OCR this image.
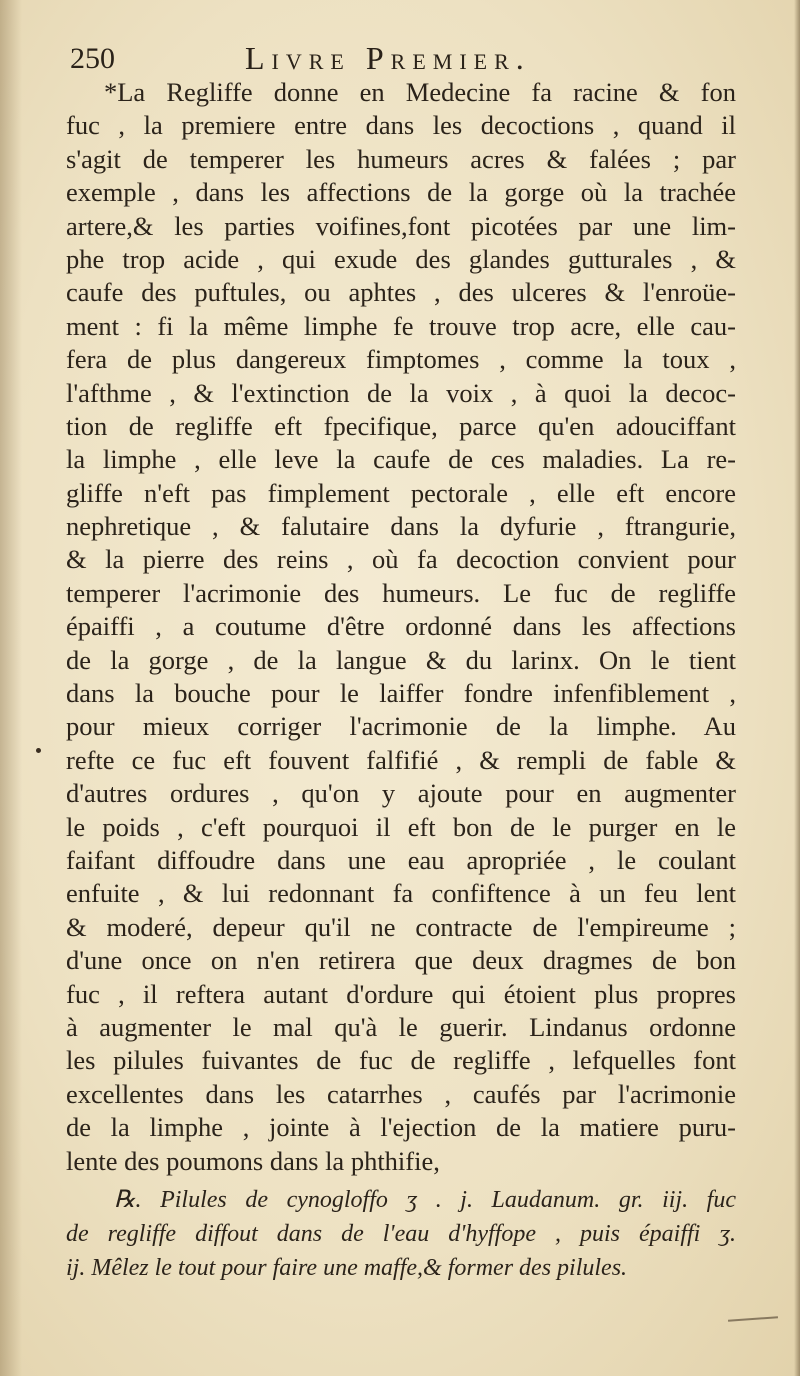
250	Livre Premier.
*La Regliffe donne en Medecine fa racine & fon
fuc , la premiere entre dans les decoctions , quand il
s'agit de temperer les humeurs acres & falées ; par
exemple , dans les affections de la gorge où la trachée
artere,& les parties voifines,font picotées par une lim-
phe trop acide , qui exude des glandes gutturales , &
caufe des puftules, ou aphtes , des ulceres & l'enroüe-
ment : fi la même limphe fe trouve trop acre, elle cau-
fera de plus dangereux fimptomes , comme la toux ,
l'afthme , & l'extinction de la voix , à quoi la decoc-
tion de regliffe eft fpecifique, parce qu'en adouciffant
la limphe , elle leve la caufe de ces maladies. La re-
gliffe n'eft pas fimplement pectorale , elle eft encore
nephretique , & falutaire dans la dyfurie , ftrangurie,
& la pierre des reins , où fa decoction convient pour
temperer l'acrimonie des humeurs. Le fuc de regliffe
épaiffi , a coutume d'être ordonné dans les affections
de la gorge , de la langue & du larinx. On le tient
dans la bouche pour le laiffer fondre infenfiblement ,
pour mieux corriger l'acrimonie de la limphe. Au
refte ce fuc eft fouvent falfifié , & rempli de fable &
d'autres ordures , qu'on y ajoute pour en augmenter
le poids , c'eft pourquoi il eft bon de le purger en le
faifant diffoudre dans une eau apropriée , le coulant
enfuite , & lui redonnant fa confiftence à un feu lent
& moderé, depeur qu'il ne contracte de l'empireume ;
d'une once on n'en retirera que deux dragmes de bon
fuc , il reftera autant d'ordure qui étoient plus propres
à augmenter le mal qu'à le guerir. Lindanus ordonne
les pilules fuivantes de fuc de regliffe , lefquelles font
excellentes dans les catarrhes , caufés par l'acrimonie
de la limphe , jointe à l'ejection de la matiere puru-
lente des poumons dans la phthifie,
℞. Pilules de cynogloffo ʒ . j. Laudanum. gr. iij. fuc
de regliffe diffout dans de l'eau d'hyffope , puis épaiffi ʒ.
ij. Mêlez le tout pour faire une maffe,& former des pilules.
